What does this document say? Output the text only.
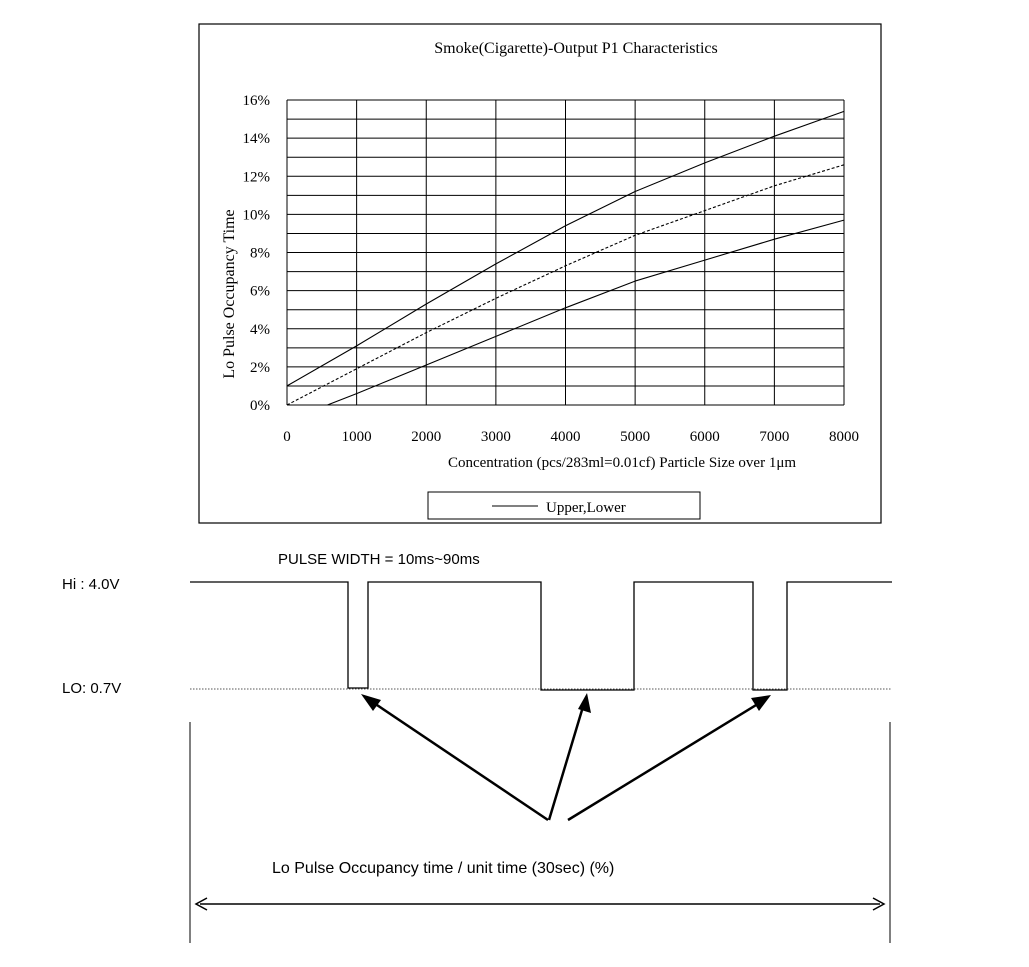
Smoke(Cigarette)-Output P1 Characteristics
0%
2%
4%
6%
8%
10%
12%
14%
16%
0	1000	2000	3000	4000	5000	6000	7000	8000
Lo Pulse Occupancy Time
Concentration (pcs/283ml=0.01cf) Particle Size over 1μm
Upper,Lower
PULSE WIDTH = 10ms~90ms
Hi : 4.0V
LO: 0.7V
Lo Pulse Occupancy time / unit time (30sec) (%)
